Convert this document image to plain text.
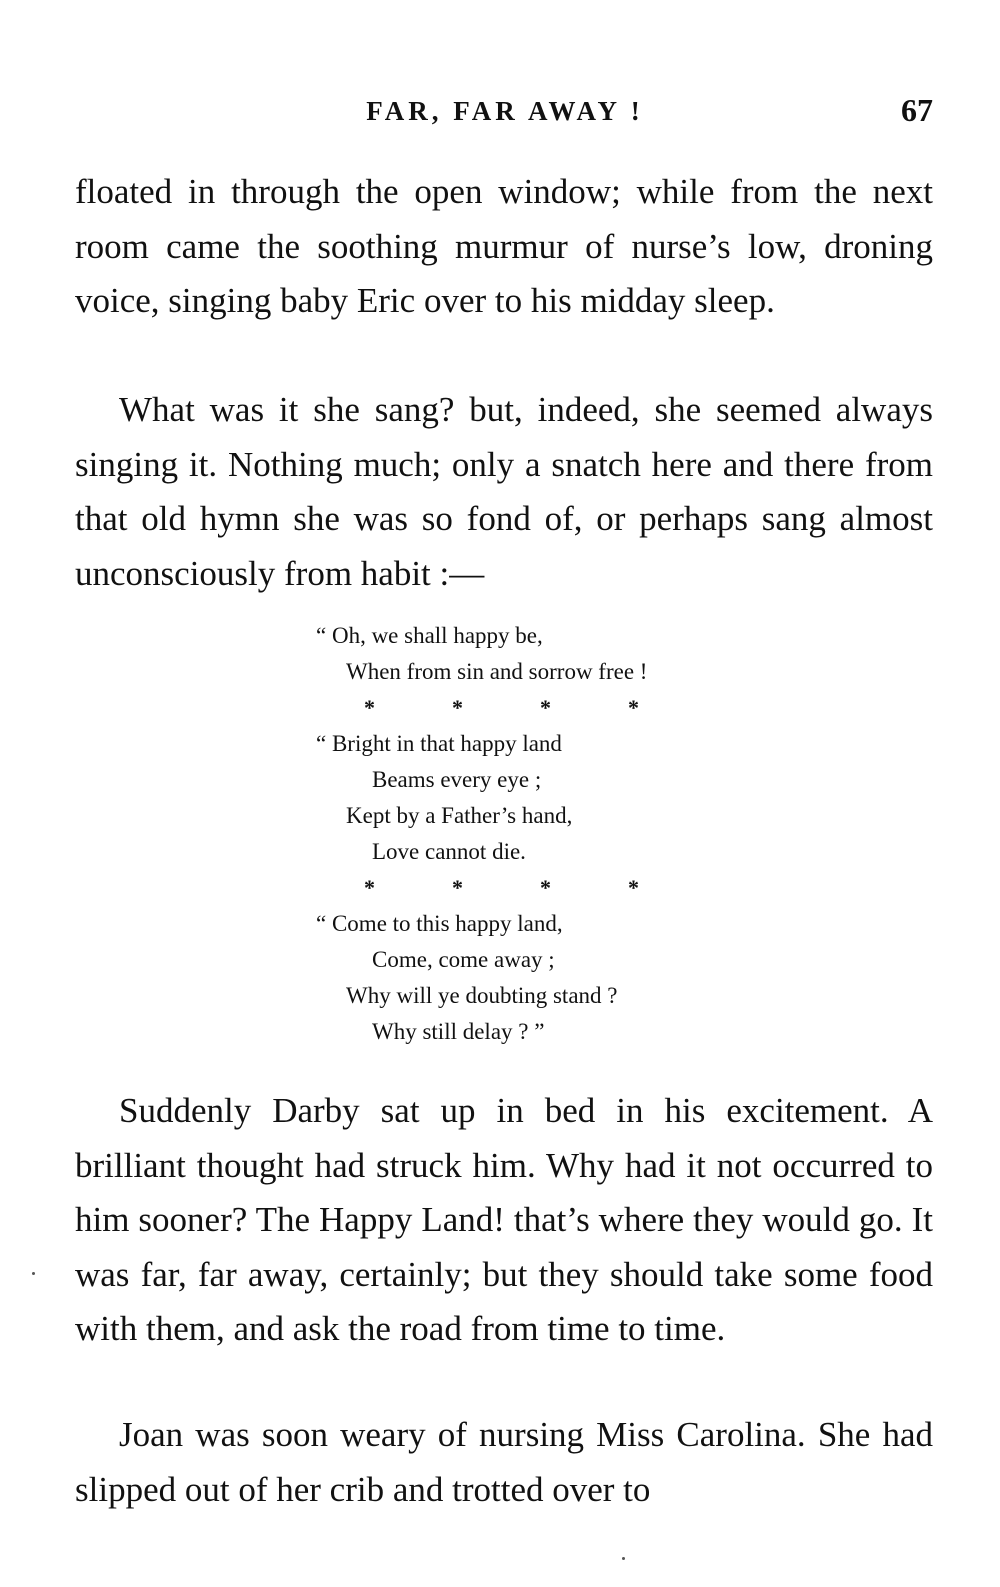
FAR, FAR AWAY !	67

floated in through the open window; while from the next room came the soothing murmur of nurse’s low, droning voice, singing baby Eric over to his midday sleep.

What was it she sang? but, indeed, she seemed always singing it. Nothing much; only a snatch here and there from that old hymn she was so fond of, or perhaps sang almost unconsciously from habit :—

“ Oh, we shall happy be,
When from sin and sorrow free !
*	*	*	*
“ Bright in that happy land
Beams every eye ;
Kept by a Father’s hand,
Love cannot die.
*	*	*	*
“ Come to this happy land,
Come, come away ;
Why will ye doubting stand ?
Why still delay ? ”

Suddenly Darby sat up in bed in his excitement. A brilliant thought had struck him. Why had it not occurred to him sooner? The Happy Land! that’s where they would go. It was far, far away, certainly; but they should take some food with them, and ask the road from time to time.

Joan was soon weary of nursing Miss Carolina. She had slipped out of her crib and trotted over to
